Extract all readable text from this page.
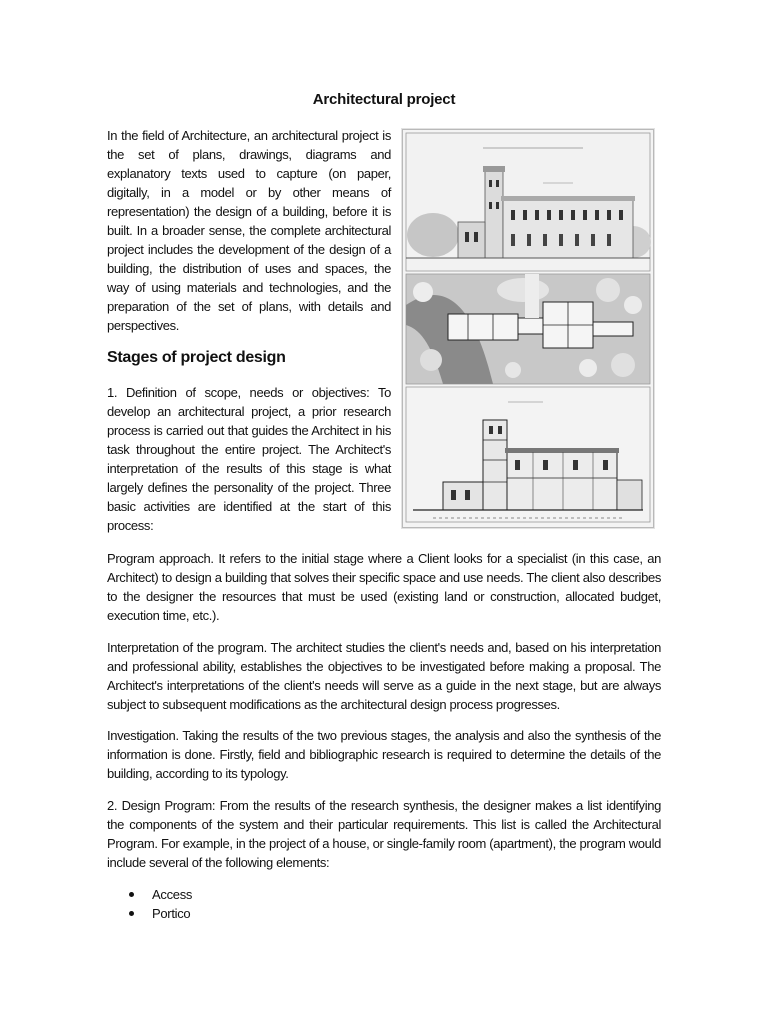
Architectural project

In the field of Architecture, an architectural project is the set of plans, drawings, diagrams and explanatory texts used to capture (on paper, digitally, in a model or by other means of representation) the design of a building, before it is built. In a broader sense, the complete architectural project includes the development of the design of a building, the distribution of uses and spaces, the way of using materials and technologies, and the preparation of the set of plans, with details and perspectives.

Stages of project design

1. Definition of scope, needs or objectives: To develop an architectural project, a prior research process is carried out that guides the Architect in his task throughout the entire project. The Architect's interpretation of the results of this stage is what largely defines the personality of the project. Three basic activities are identified at the start of this process:

Program approach. It refers to the initial stage where a Client looks for a specialist (in this case, an Architect) to design a building that solves their specific space and use needs. The client also describes to the designer the resources that must be used (existing land or construction, allocated budget, execution time, etc.).

Interpretation of the program. The architect studies the client's needs and, based on his interpretation and professional ability, establishes the objectives to be investigated before making a proposal. The Architect's interpretations of the client's needs will serve as a guide in the next stage, but are always subject to subsequent modifications as the architectural design process progresses.

Investigation. Taking the results of the two previous stages, the analysis and also the synthesis of the information is done. Firstly, field and bibliographic research is required to determine the details of the building, according to its typology.

2. Design Program: From the results of the research synthesis, the designer makes a list identifying the components of the system and their particular requirements. This list is called the Architectural Program. For example, in the project of a house, or single-family room (apartment), the program would include several of the following elements:

Access
Portico
